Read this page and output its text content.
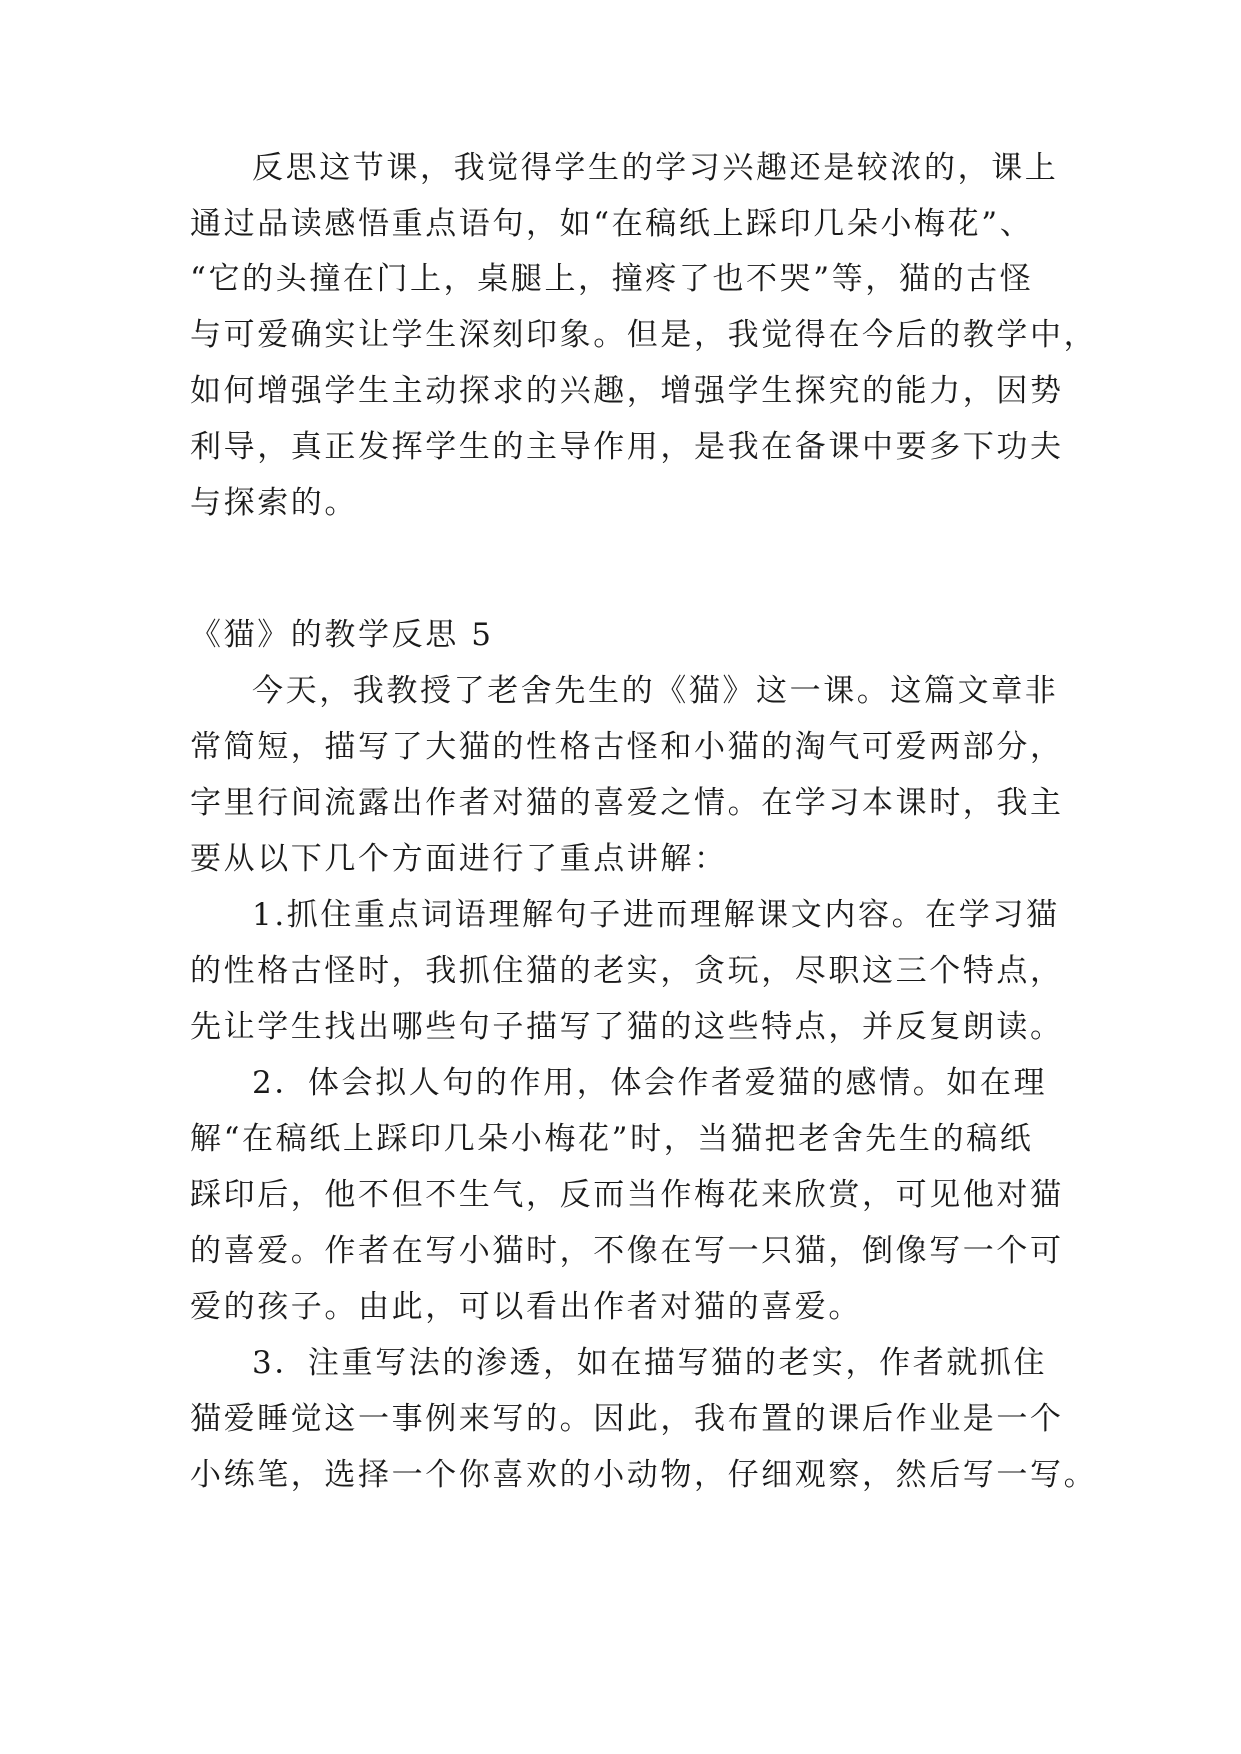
反思这节课，我觉得学生的学习兴趣还是较浓的，课上
通过品读感悟重点语句，如“在稿纸上踩印几朵小梅花”、
“它的头撞在门上，桌腿上，撞疼了也不哭”等，猫的古怪
与可爱确实让学生深刻印象。但是，我觉得在今后的教学中，
如何增强学生主动探求的兴趣，增强学生探究的能力，因势
利导，真正发挥学生的主导作用，是我在备课中要多下功夫
与探索的。
《猫》的教学反思 5
今天，我教授了老舍先生的《猫》这一课。这篇文章非
常简短，描写了大猫的性格古怪和小猫的淘气可爱两部分，
字里行间流露出作者对猫的喜爱之情。在学习本课时，我主
要从以下几个方面进行了重点讲解：
1.抓住重点词语理解句子进而理解课文内容。在学习猫
的性格古怪时，我抓住猫的老实，贪玩，尽职这三个特点，
先让学生找出哪些句子描写了猫的这些特点，并反复朗读。
2．体会拟人句的作用，体会作者爱猫的感情。如在理
解“在稿纸上踩印几朵小梅花”时，当猫把老舍先生的稿纸
踩印后，他不但不生气，反而当作梅花来欣赏，可见他对猫
的喜爱。作者在写小猫时，不像在写一只猫，倒像写一个可
爱的孩子。由此，可以看出作者对猫的喜爱。
3．注重写法的渗透，如在描写猫的老实，作者就抓住
猫爱睡觉这一事例来写的。因此，我布置的课后作业是一个
小练笔，选择一个你喜欢的小动物，仔细观察，然后写一写。
